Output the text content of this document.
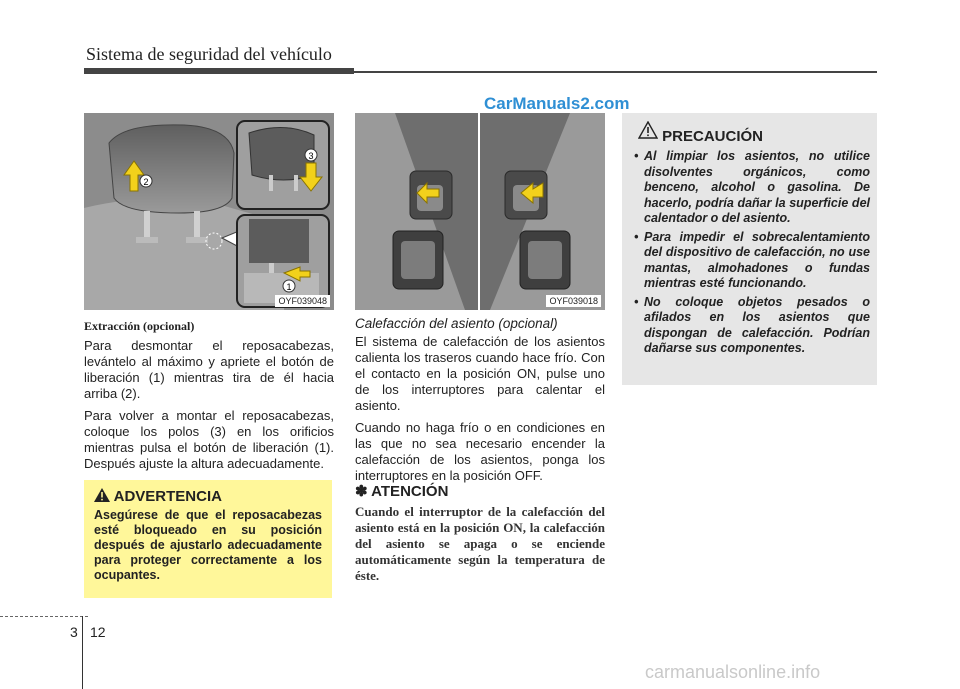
Sistema de seguridad del vehículo
CarManuals2.com
2
3
1
OYF039048	OYF039018
Extracción (opcional)

Para desmontar el reposacabezas, levántelo al máximo y apriete el botón de liberación (1) mientras tira de él hacia arriba (2).

Para volver a montar el reposacabezas, coloque los polos (3) en los orificios mientras pulsa el botón de liberación (1). Después ajuste la altura adecuadamente.

ADVERTENCIA
Asegúrese de que el reposacabezas esté bloqueado en su posición después de ajustarlo adecuadamente para proteger correctamente a los ocupantes.
Calefacción del asiento (opcional)

El sistema de calefacción de los asientos calienta los traseros cuando hace frío. Con el contacto en la posición ON, pulse uno de los interruptores para calentar el asiento.

Cuando no haga frío o en condiciones en las que no sea necesario encender la calefacción de los asientos, ponga los interruptores en la posición OFF.

✽ ATENCIÓN
Cuando el interruptor de la calefacción del asiento está en la posición ON, la calefacción del asiento se apaga o se enciende automáticamente según la temperatura de éste.
PRECAUCIÓN
• Al limpiar los asientos, no utilice disolventes orgánicos, como benceno, alcohol o gasolina. De hacerlo, podría dañar la superficie del calentador o del asiento.
• Para impedir el sobrecalentamiento del dispositivo de calefacción, no use mantas, almohadones o fundas mientras esté funcionando.
• No coloque objetos pesados o afilados en los asientos que dispongan de calefacción. Podrían dañarse sus componentes.
3 12
carmanualsonline.info
